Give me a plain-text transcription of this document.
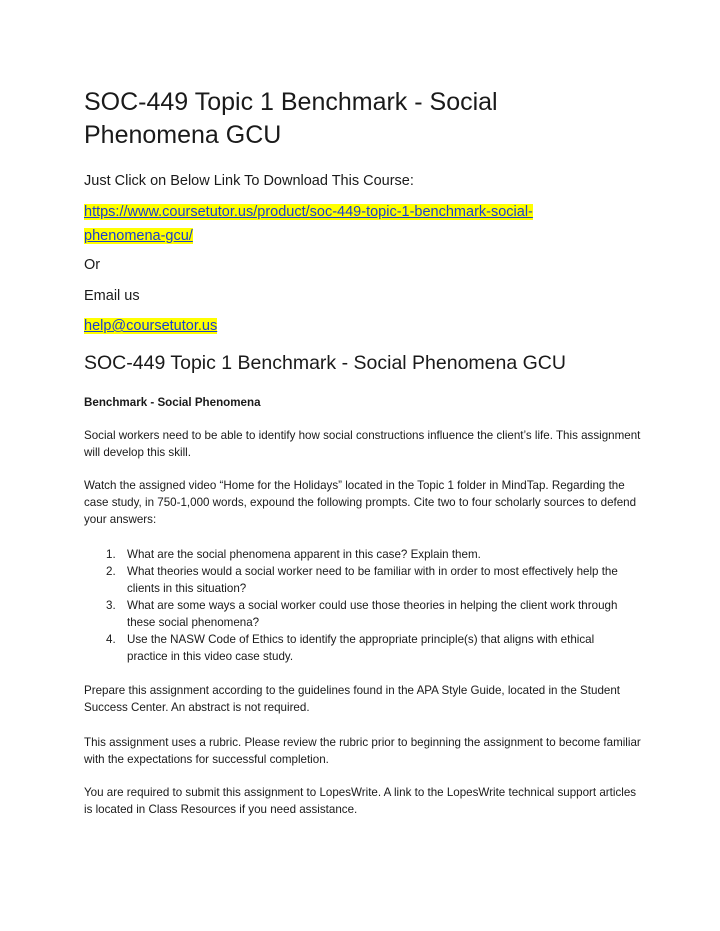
SOC-449 Topic 1 Benchmark - Social Phenomena GCU

Just Click on Below Link To Download This Course:

https://www.coursetutor.us/product/soc-449-topic-1-benchmark-social-phenomena-gcu/

Or

Email us

help@coursetutor.us

SOC-449 Topic 1 Benchmark - Social Phenomena GCU

Benchmark - Social Phenomena

Social workers need to be able to identify how social constructions influence the client’s life. This assignment will develop this skill.

Watch the assigned video “Home for the Holidays” located in the Topic 1 folder in MindTap. Regarding the case study, in 750-1,000 words, expound the following prompts. Cite two to four scholarly sources to defend your answers:

1. What are the social phenomena apparent in this case? Explain them.
2. What theories would a social worker need to be familiar with in order to most effectively help the clients in this situation?
3. What are some ways a social worker could use those theories in helping the client work through these social phenomena?
4. Use the NASW Code of Ethics to identify the appropriate principle(s) that aligns with ethical practice in this video case study.

Prepare this assignment according to the guidelines found in the APA Style Guide, located in the Student Success Center. An abstract is not required.

This assignment uses a rubric. Please review the rubric prior to beginning the assignment to become familiar with the expectations for successful completion.

You are required to submit this assignment to LopesWrite. A link to the LopesWrite technical support articles is located in Class Resources if you need assistance.
